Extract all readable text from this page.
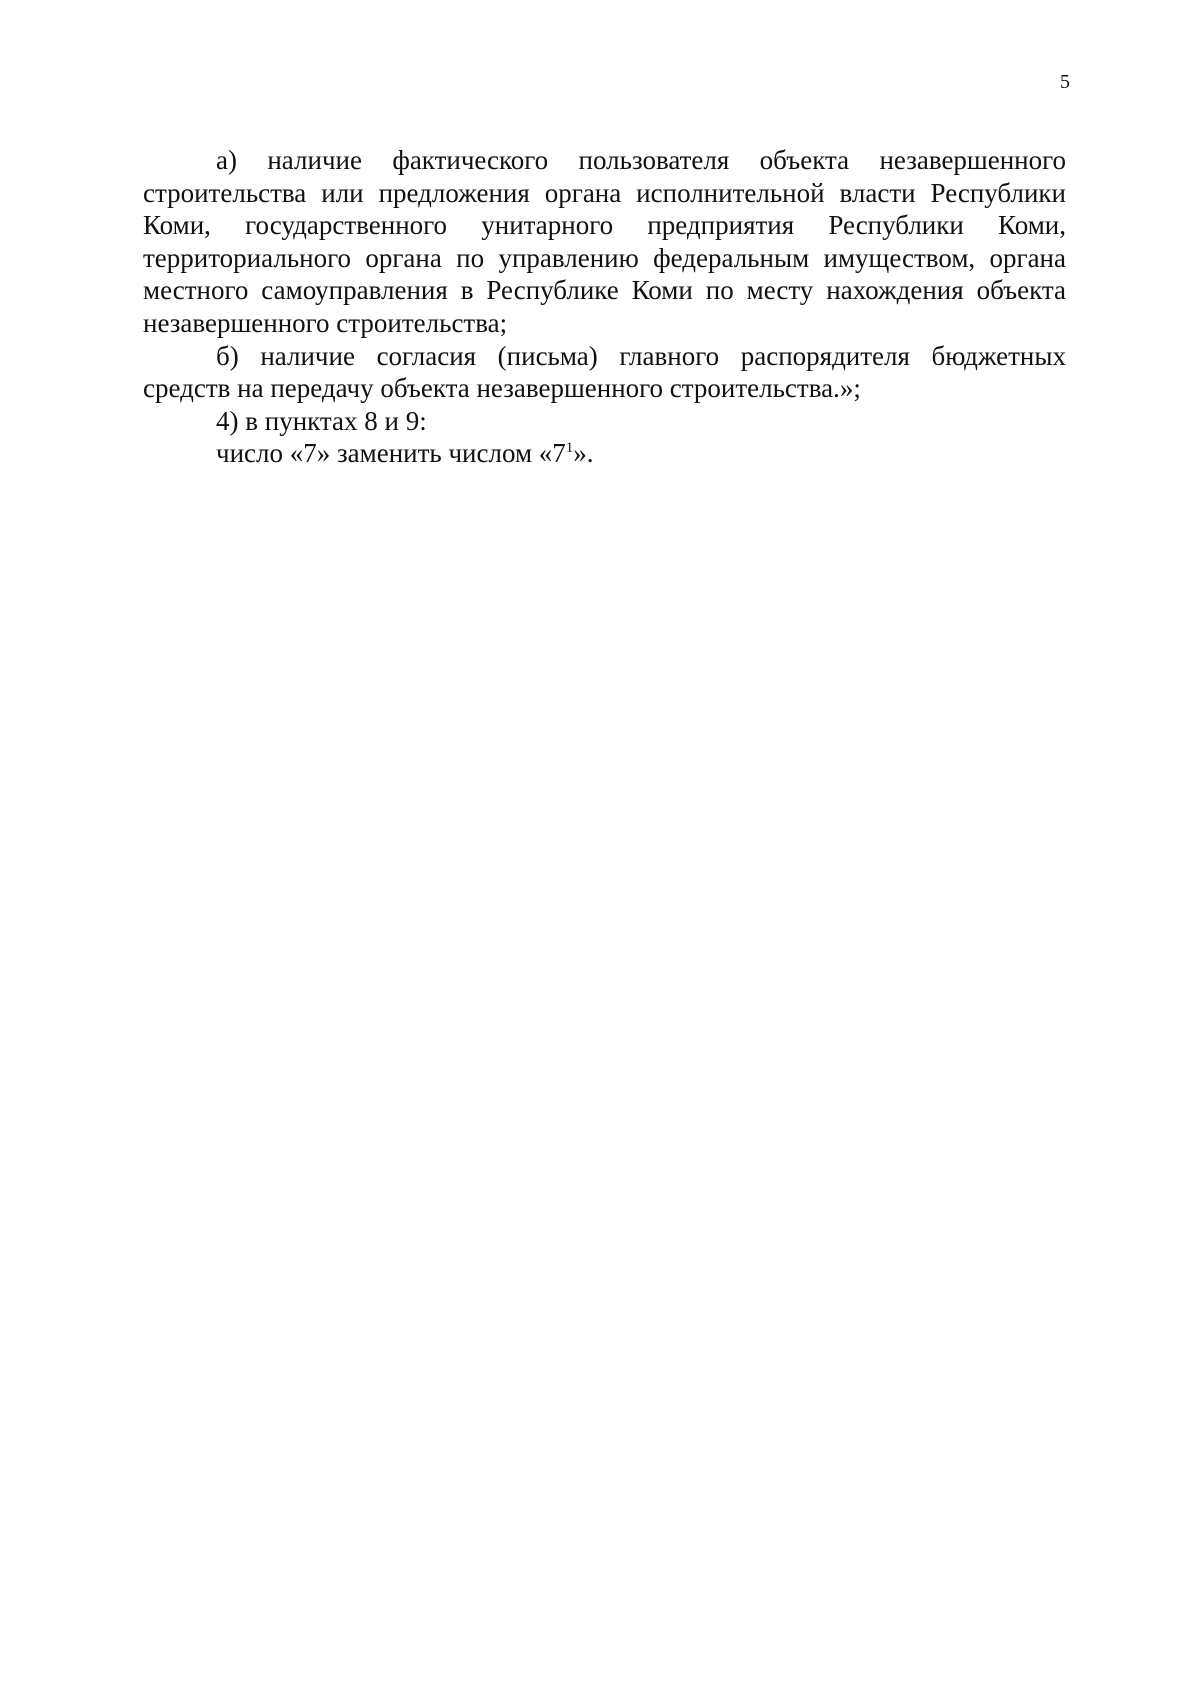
5

а) наличие фактического пользователя объекта незавершенного строительства или предложения органа исполнительной власти Республики Коми, государственного унитарного предприятия Республики Коми, территориального органа по управлению федеральным имуществом, органа местного самоуправления в Республике Коми по месту нахождения объекта незавершенного строительства;

б) наличие согласия (письма) главного распорядителя бюджетных средств на передачу объекта незавершенного строительства.»;

4) в пунктах 8 и 9:

число «7» заменить числом «$7^1$».
